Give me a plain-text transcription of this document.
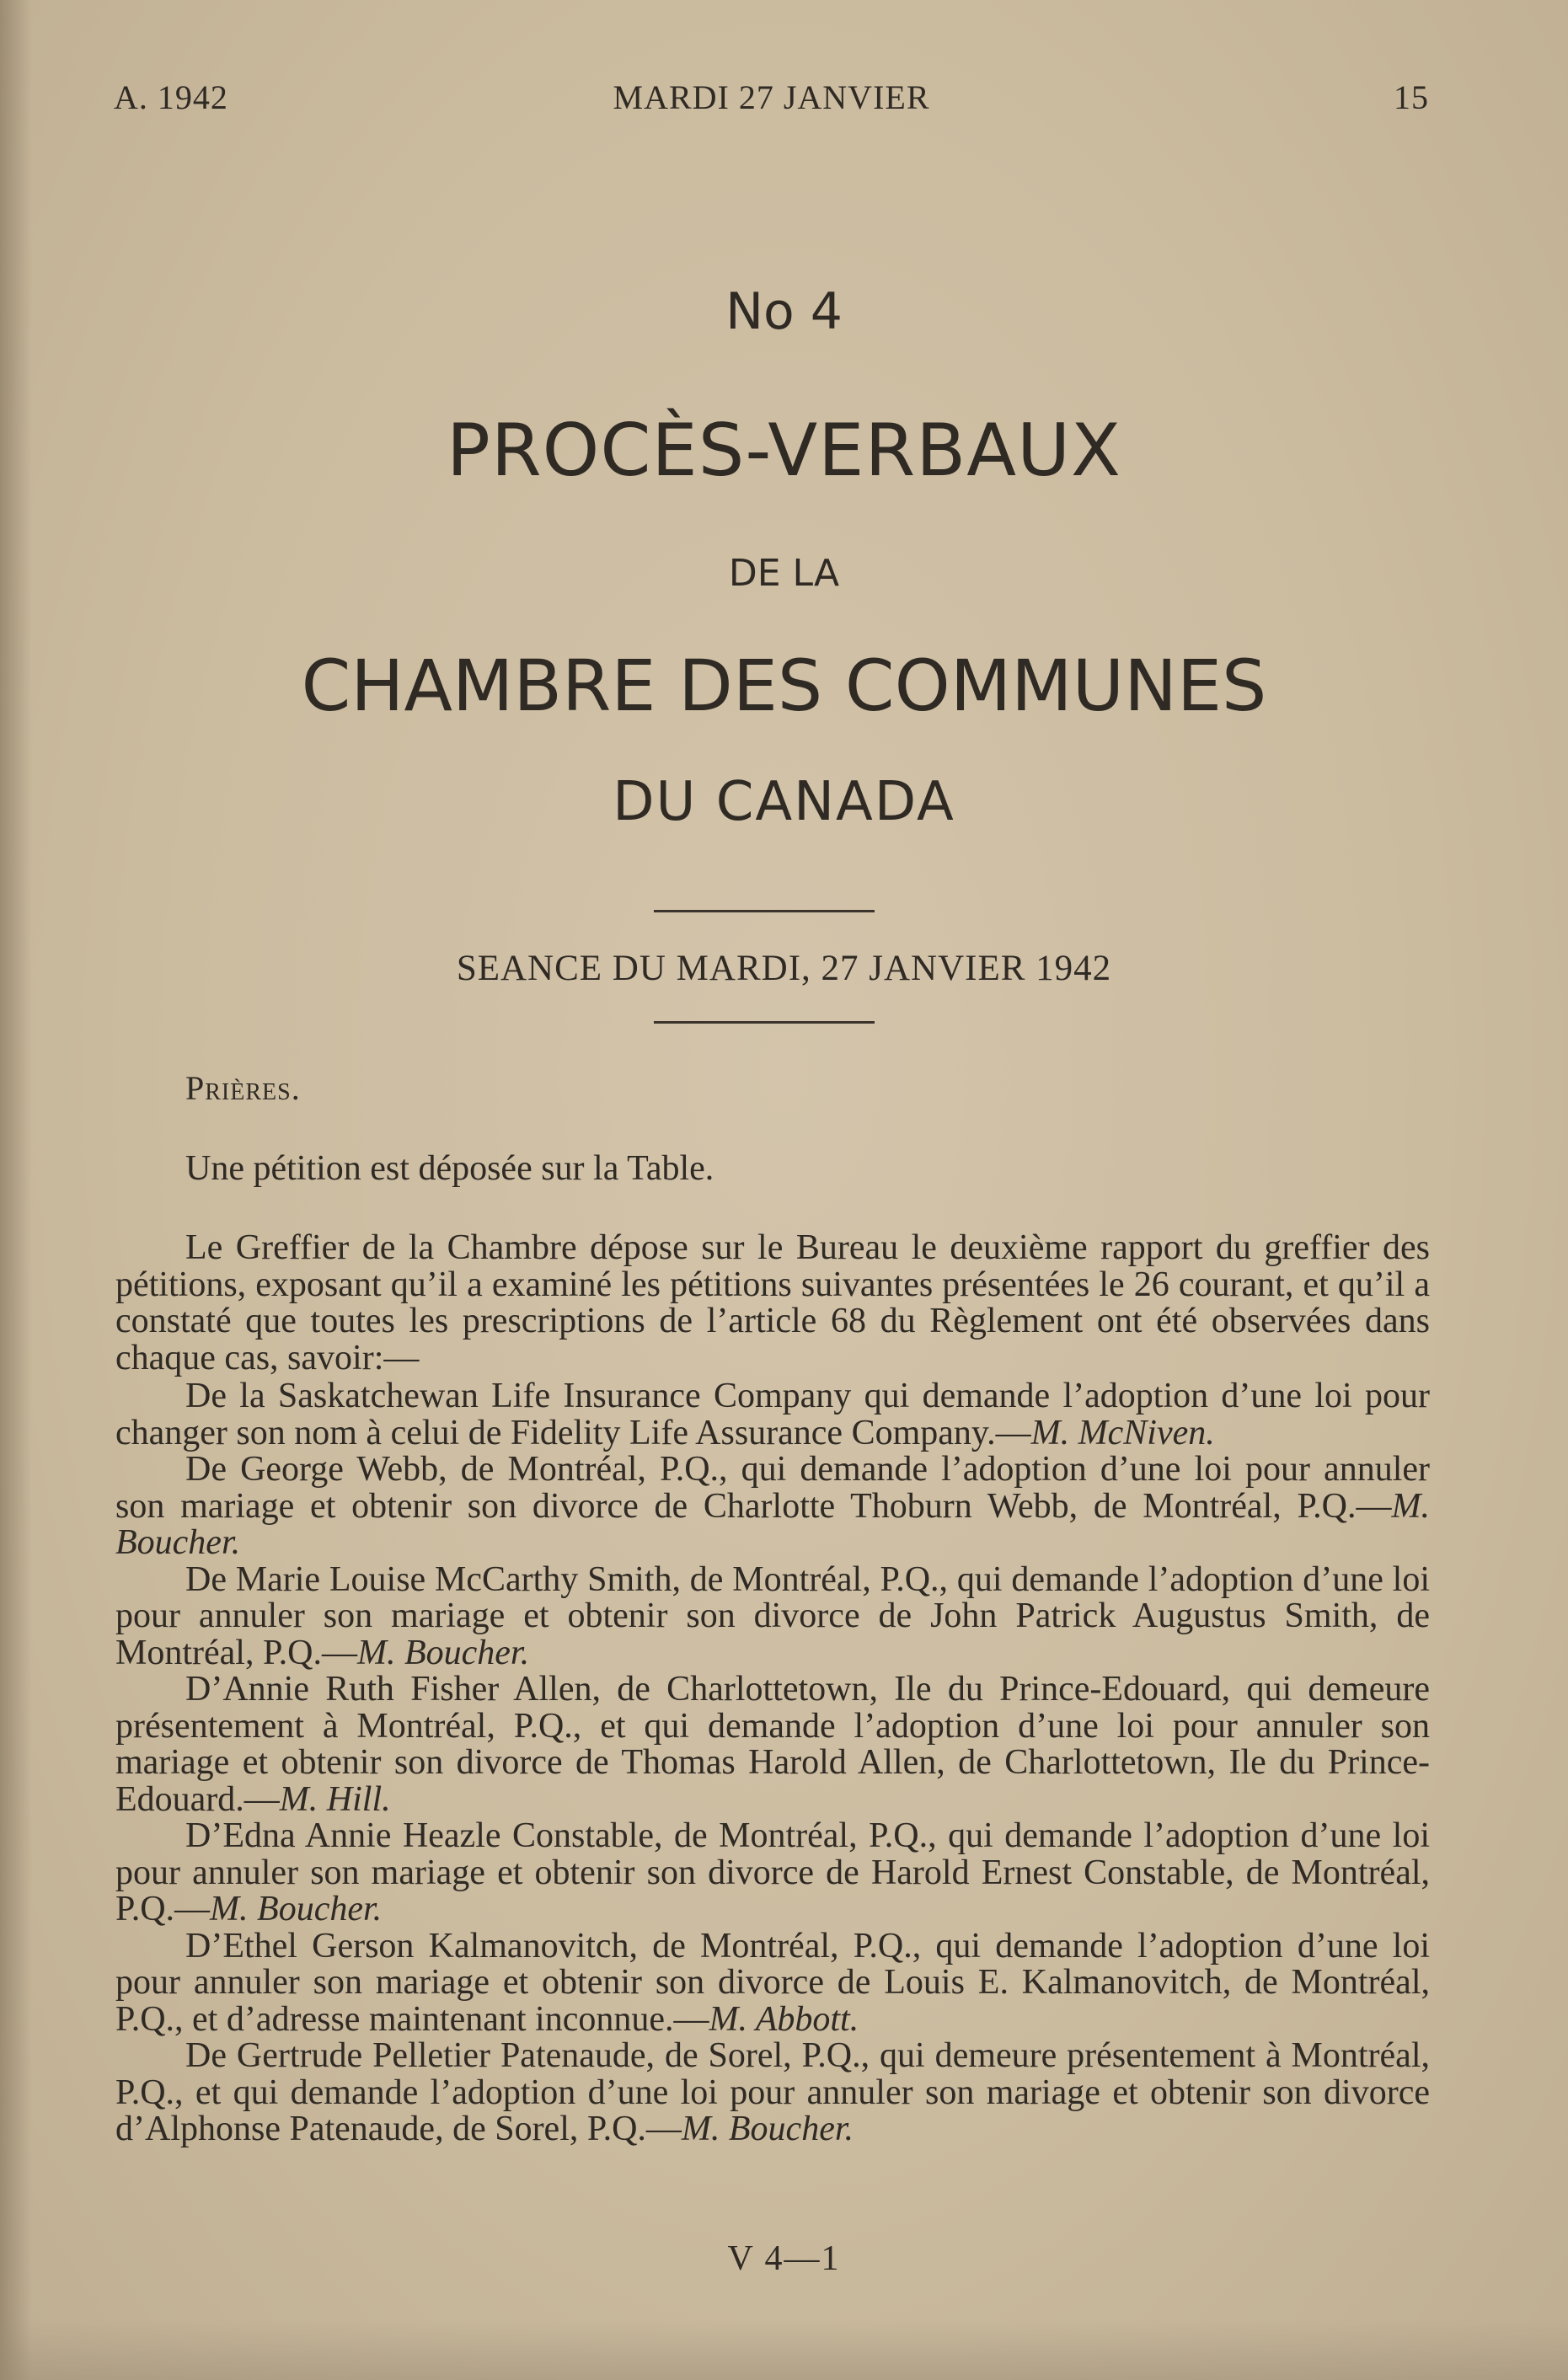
A. 1942	MARDI 27 JANVIER	15
No 4
PROCÈS-VERBAUX
DE LA
CHAMBRE DES COMMUNES
DU CANADA
SEANCE DU MARDI, 27 JANVIER 1942
Prières.
Une pétition est déposée sur la Table.

Le Greffier de la Chambre dépose sur le Bureau le deuxième rapport du greffier des pétitions, exposant qu’il a examiné les pétitions suivantes présentées le 26 courant, et qu’il a constaté que toutes les prescriptions de l’article 68 du Règlement ont été observées dans chaque cas, savoir:—

De la Saskatchewan Life Insurance Company qui demande l’adoption d’une loi pour changer son nom à celui de Fidelity Life Assurance Company.—M. McNiven.

De George Webb, de Montréal, P.Q., qui demande l’adoption d’une loi pour annuler son mariage et obtenir son divorce de Charlotte Thoburn Webb, de Montréal, P.Q.—M. Boucher.

De Marie Louise McCarthy Smith, de Montréal, P.Q., qui demande l’adoption d’une loi pour annuler son mariage et obtenir son divorce de John Patrick Augustus Smith, de Montréal, P.Q.—M. Boucher.

D’Annie Ruth Fisher Allen, de Charlottetown, Ile du Prince-Edouard, qui demeure présentement à Montréal, P.Q., et qui demande l’adoption d’une loi pour annuler son mariage et obtenir son divorce de Thomas Harold Allen, de Charlottetown, Ile du Prince-Edouard.—M. Hill.

D’Edna Annie Heazle Constable, de Montréal, P.Q., qui demande l’adoption d’une loi pour annuler son mariage et obtenir son divorce de Harold Ernest Constable, de Montréal, P.Q.—M. Boucher.

D’Ethel Gerson Kalmanovitch, de Montréal, P.Q., qui demande l’adoption d’une loi pour annuler son mariage et obtenir son divorce de Louis E. Kalmanovitch, de Montréal, P.Q., et d’adresse maintenant inconnue.—M. Abbott.

De Gertrude Pelletier Patenaude, de Sorel, P.Q., qui demeure présentement à Montréal, P.Q., et qui demande l’adoption d’une loi pour annuler son mariage et obtenir son divorce d’Alphonse Patenaude, de Sorel, P.Q.—M. Boucher.

V 4—1
